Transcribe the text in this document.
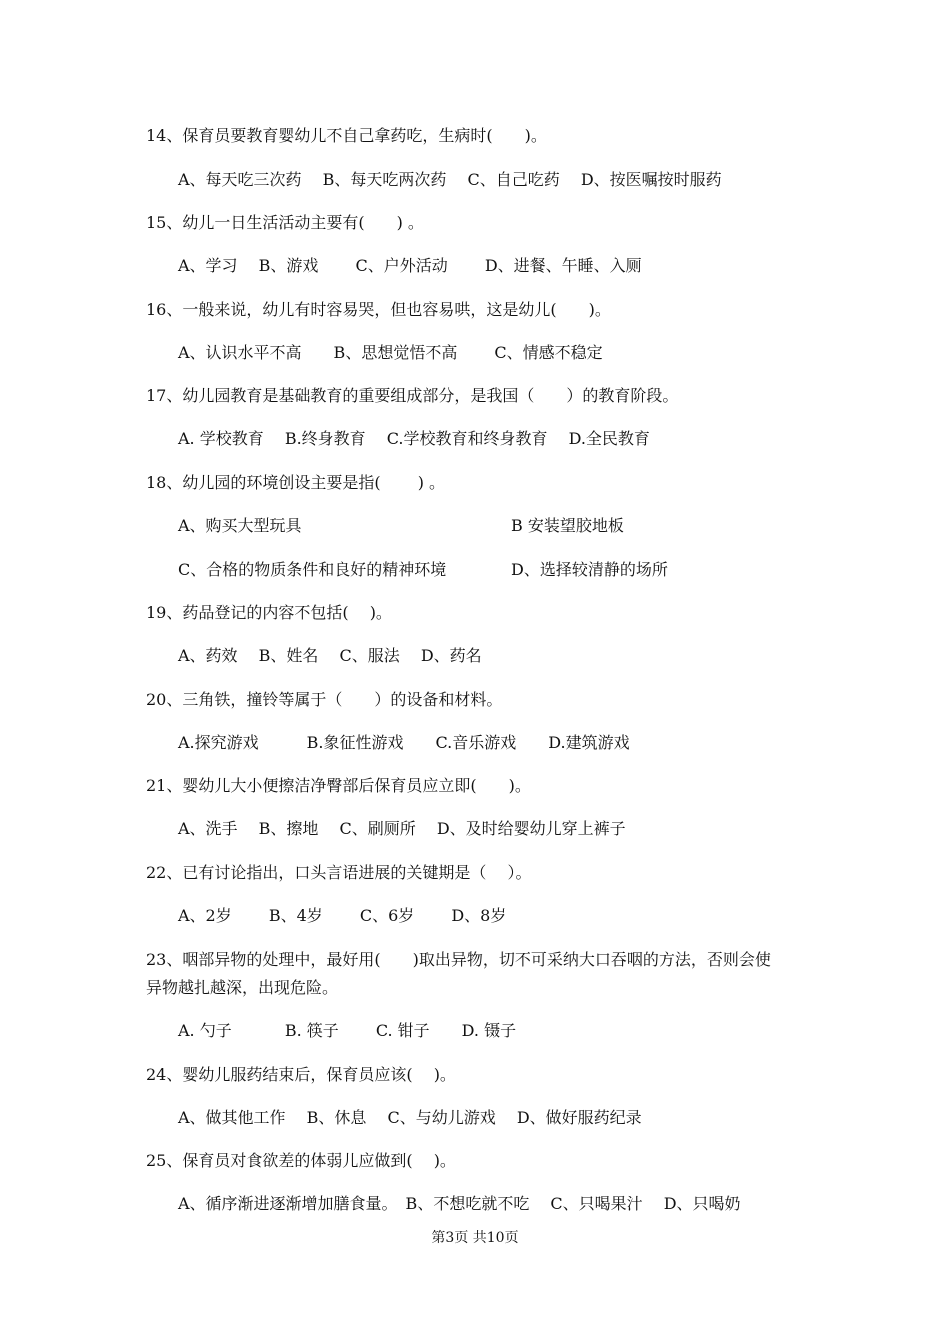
14、保育员要教育婴幼儿不自己拿药吃，生病时(　　)。
A、每天吃三次药　 B、每天吃两次药　 C、自己吃药　 D、按医嘱按时服药
15、幼儿一日生活活动主要有(　　) 。
A、学习　 B、游戏　 　C、户外活动　 　D、进餐、午睡、入厕
16、一般来说，幼儿有时容易哭，但也容易哄，这是幼儿(　　)。
A、认识水平不高　　B、思想觉悟不高　　 C、情感不稳定
17、幼儿园教育是基础教育的重要组成部分，是我国（　　）的教育阶段。
A. 学校教育　 B.终身教育　 C.学校教育和终身教育　 D.全民教育
18、幼儿园的环境创设主要是指(　　 ) 。
A、购买大型玩具	B 安装望胶地板
C、合格的物质条件和良好的精神环境	D、选择较清静的场所
19、药品登记的内容不包括(　 )。
A、药效　 B、姓名　 C、服法　 D、药名
20、三角铁，撞铃等属于（　　）的设备和材料。
A.探究游戏　　　B.象征性游戏　　C.音乐游戏　　D.建筑游戏
21、婴幼儿大小便擦洁净臀部后保育员应立即(　　)。
A、洗手　 B、擦地　 C、刷厕所　 D、及时给婴幼儿穿上裤子
22、已有讨论指出，口头言语进展的关键期是（　 ）。
A、2岁　 　B、4岁　 　C、6岁　 　D、8岁
23、咽部异物的处理中，最好用(　　)取出异物，切不可采纳大口吞咽的方法，否则会使
异物越扎越深，出现危险。
A. 勺子　　 　B. 筷子　　 C. 钳子　　D. 镊子
24、婴幼儿服药结束后，保育员应该(　 )。
A、做其他工作　 B、休息　 C、与幼儿游戏　 D、做好服药纪录
25、保育员对食欲差的体弱儿应做到(　 )。
A、循序渐进逐渐增加膳食量。　B、不想吃就不吃　 C、只喝果汁　 D、只喝奶
第3页 共10页
